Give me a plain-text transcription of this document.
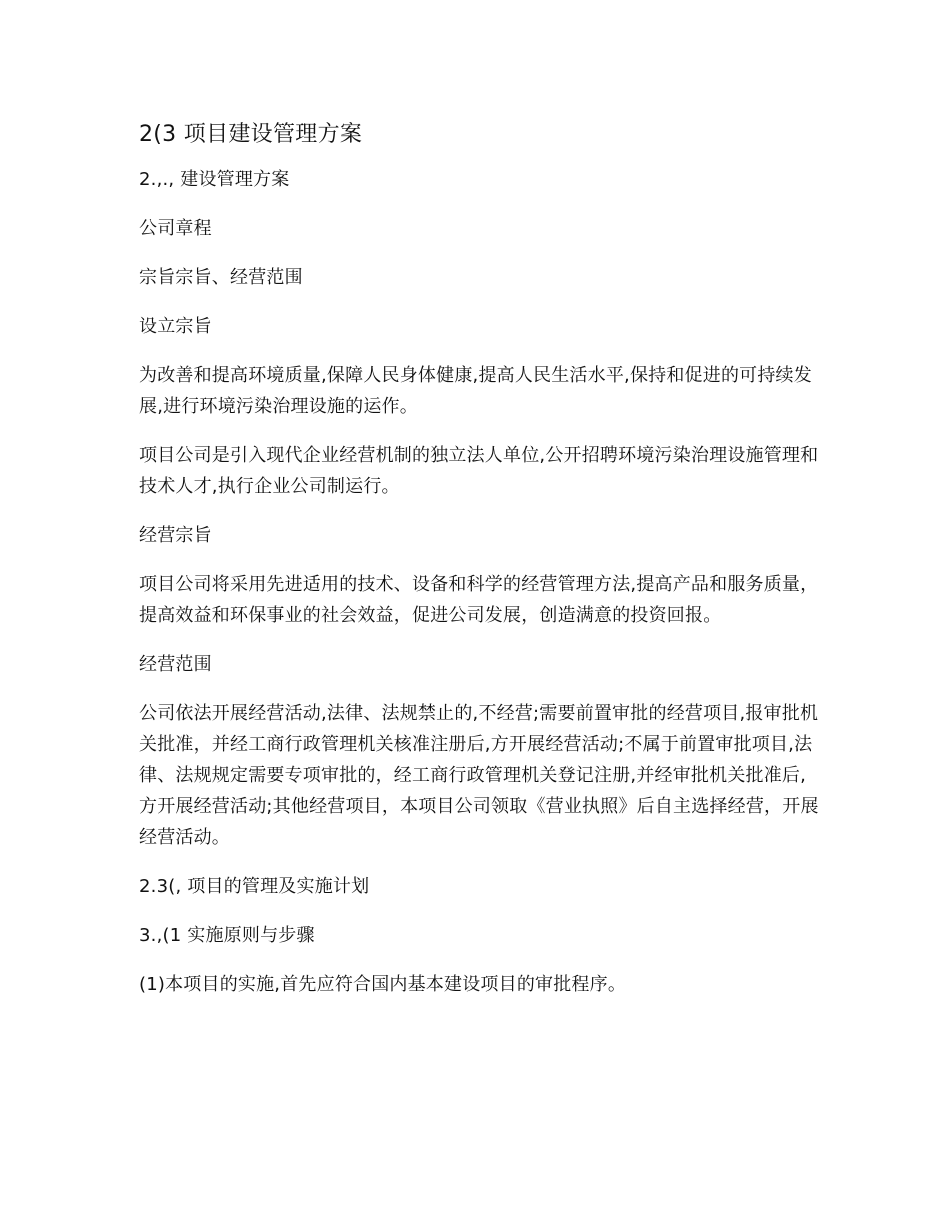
2(3 项目建设管理方案

2.,., 建设管理方案

公司章程

宗旨宗旨、经营范围

设立宗旨

为改善和提高环境质量,保障人民身体健康,提高人民生活水平,保持和促进的可持续发展,进行环境污染治理设施的运作。

项目公司是引入现代企业经营机制的独立法人单位,公开招聘环境污染治理设施管理和技术人才,执行企业公司制运行。

经营宗旨

项目公司将采用先进适用的技术、设备和科学的经营管理方法,提高产品和服务质量，提高效益和环保事业的社会效益，促进公司发展，创造满意的投资回报。

经营范围

公司依法开展经营活动,法律、法规禁止的,不经营;需要前置审批的经营项目,报审批机关批准，并经工商行政管理机关核准注册后,方开展经营活动;不属于前置审批项目,法律、法规规定需要专项审批的，经工商行政管理机关登记注册,并经审批机关批准后,方开展经营活动;其他经营项目，本项目公司领取《营业执照》后自主选择经营，开展经营活动。

2.3(, 项目的管理及实施计划

3.,(1 实施原则与步骤

(1)本项目的实施,首先应符合国内基本建设项目的审批程序。
